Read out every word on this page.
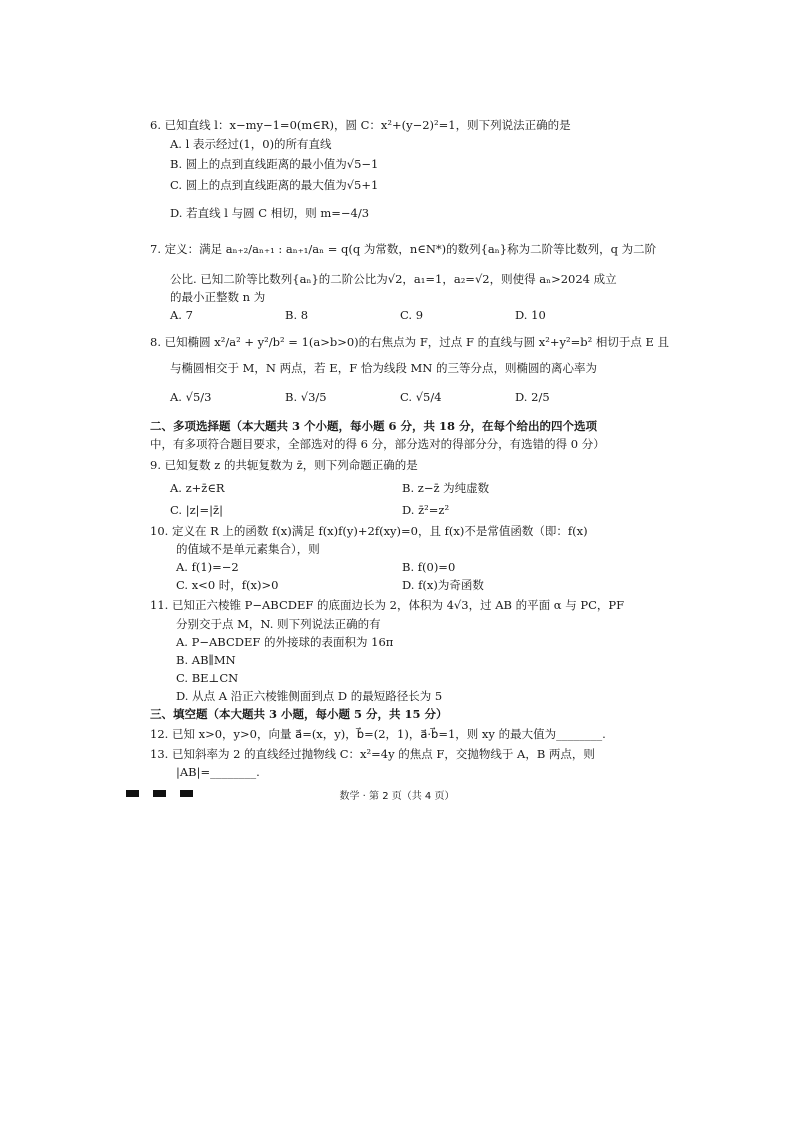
6. 已知直线 l：x−my−1=0(m∈R)，圆 C：x²+(y−2)²=1，则下列说法正确的是
A. l 表示经过(1，0)的所有直线
B. 圆上的点到直线距离的最小值为√5−1
C. 圆上的点到直线距离的最大值为√5+1
D. 若直线 l 与圆 C 相切，则 m=−4/3
7. 定义：满足 aₙ₊₂/aₙ₊₁ : aₙ₊₁/aₙ = q(q 为常数，n∈N*)的数列{aₙ}称为二阶等比数列，q 为二阶
公比. 已知二阶等比数列{aₙ}的二阶公比为√2，a₁=1，a₂=√2，则使得 aₙ>2024 成立
的最小正整数 n 为
A. 7	B. 8	C. 9	D. 10
8. 已知椭圆 x²/a² + y²/b² = 1(a>b>0)的右焦点为 F，过点 F 的直线与圆 x²+y²=b² 相切于点 E 且
与椭圆相交于 M，N 两点，若 E，F 恰为线段 MN 的三等分点，则椭圆的离心率为
A. √5/3	B. √3/5	C. √5/4	D. 2/5
二、多项选择题（本大题共 3 个小题，每小题 6 分，共 18 分，在每个给出的四个选项
中，有多项符合题目要求，全部选对的得 6 分，部分选对的得部分分，有选错的得 0 分）
9. 已知复数 z 的共轭复数为 z̄，则下列命题正确的是
A. z+z̄∈R	B. z−z̄ 为纯虚数
C. |z|=|z̄|	D. z̄²=z²
10. 定义在 R 上的函数 f(x)满足 f(x)f(y)+2f(xy)=0，且 f(x)不是常值函数（即：f(x)
的值域不是单元素集合），则
A. f(1)=−2	B. f(0)=0
C. x<0 时，f(x)>0	D. f(x)为奇函数
11. 已知正六棱锥 P−ABCDEF 的底面边长为 2，体积为 4√3，过 AB 的平面 α 与 PC，PF
分别交于点 M，N. 则下列说法正确的有
A. P−ABCDEF 的外接球的表面积为 16π
B. AB∥MN
C. BE⊥CN
D. 从点 A 沿正六棱锥侧面到点 D 的最短路径长为 5
三、填空题（本大题共 3 小题，每小题 5 分，共 15 分）
12. 已知 x>0，y>0，向量 a⃗=(x，y)，b⃗=(2，1)，a⃗·b⃗=1，则 xy 的最大值为________.
13. 已知斜率为 2 的直线经过抛物线 C：x²=4y 的焦点 F，交抛物线于 A，B 两点，则
|AB|=________.
数学 · 第 2 页（共 4 页）
